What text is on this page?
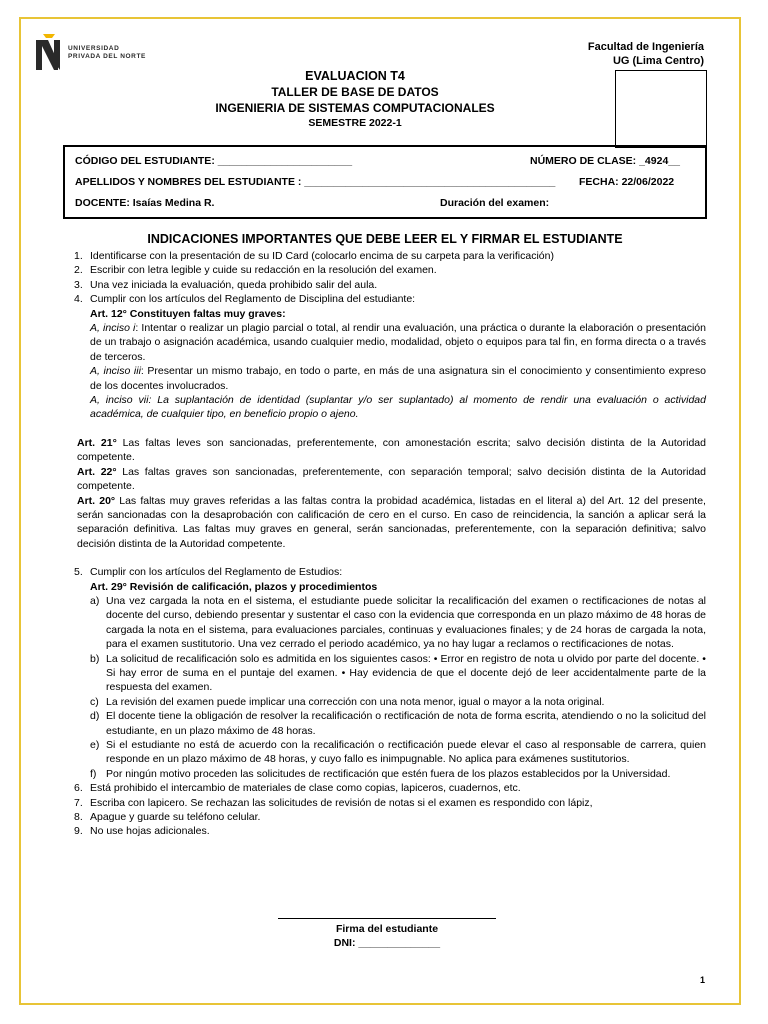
UNIVERSIDAD
PRIVADA DEL NORTE
Facultad de Ingeniería
UG (Lima Centro)
EVALUACION T4
TALLER DE BASE DE DATOS
INGENIERIA DE SISTEMAS COMPUTACIONALES
SEMESTRE 2022-1
CÓDIGO DEL ESTUDIANTE: _______________________	NÚMERO DE CLASE: _4924__
APELLIDOS Y NOMBRES DEL ESTUDIANTE : ___________________________________________ FECHA: 22/06/2022
DOCENTE: Isaías Medina R.	Duración del examen:
INDICACIONES IMPORTANTES QUE DEBE LEER EL Y FIRMAR EL ESTUDIANTE
1. Identificarse con la presentación de su ID Card (colocarlo encima de su carpeta para la verificación)
2. Escribir con letra legible y cuide su redacción en la resolución del examen.
3. Una vez iniciada la evaluación, queda prohibido salir del aula.
4. Cumplir con los artículos del Reglamento de Disciplina del estudiante:
Art. 12° Constituyen faltas muy graves:
A, inciso i: Intentar o realizar un plagio parcial o total, al rendir una evaluación, una práctica o durante la elaboración o presentación de un trabajo o asignación académica, usando cualquier medio, modalidad, objeto o equipos para tal fin, en forma directa o a través de terceros.
A, inciso iii: Presentar un mismo trabajo, en todo o parte, en más de una asignatura sin el conocimiento y consentimiento expreso de los docentes involucrados.
A, inciso vii: La suplantación de identidad (suplantar y/o ser suplantado) al momento de rendir una evaluación o actividad académica, de cualquier tipo, en beneficio propio o ajeno.
Art. 21° Las faltas leves son sancionadas, preferentemente, con amonestación escrita; salvo decisión distinta de la Autoridad competente.
Art. 22° Las faltas graves son sancionadas, preferentemente, con separación temporal; salvo decisión distinta de la Autoridad competente.
Art. 20° Las faltas muy graves referidas a las faltas contra la probidad académica, listadas en el literal a) del Art. 12 del presente, serán sancionadas con la desaprobación con calificación de cero en el curso. En caso de reincidencia, la sanción a aplicar será la separación definitiva. Las faltas muy graves en general, serán sancionadas, preferentemente, con la separación definitiva; salvo decisión distinta de la Autoridad competente.
5. Cumplir con los artículos del Reglamento de Estudios:
Art. 29° Revisión de calificación, plazos y procedimientos
a) Una vez cargada la nota en el sistema, el estudiante puede solicitar la recalificación del examen o rectificaciones de notas al docente del curso, debiendo presentar y sustentar el caso con la evidencia que corresponda en un plazo máximo de 48 horas de cargada la nota en el sistema, para evaluaciones parciales, continuas y evaluaciones finales; y de 24 horas de cargada la nota, para el examen sustitutorio. Una vez cerrado el periodo académico, ya no hay lugar a reclamos o rectificaciones de notas.
b) La solicitud de recalificación solo es admitida en los siguientes casos: • Error en registro de nota u olvido por parte del docente. • Si hay error de suma en el puntaje del examen. • Hay evidencia de que el docente dejó de leer accidentalmente parte de la respuesta del examen.
c) La revisión del examen puede implicar una corrección con una nota menor, igual o mayor a la nota original.
d) El docente tiene la obligación de resolver la recalificación o rectificación de nota de forma escrita, atendiendo o no la solicitud del estudiante, en un plazo máximo de 48 horas.
e) Si el estudiante no está de acuerdo con la recalificación o rectificación puede elevar el caso al responsable de carrera, quien responde en un plazo máximo de 48 horas, y cuyo fallo es inimpugnable. No aplica para exámenes sustitutorios.
f) Por ningún motivo proceden las solicitudes de rectificación que estén fuera de los plazos establecidos por la Universidad.
6. Está prohibido el intercambio de materiales de clase como copias, lapiceros, cuadernos, etc.
7. Escriba con lapicero. Se rechazan las solicitudes de revisión de notas si el examen es respondido con lápiz,
8. Apague y guarde su teléfono celular.
9. No use hojas adicionales.
Firma del estudiante
DNI: ______________
1
